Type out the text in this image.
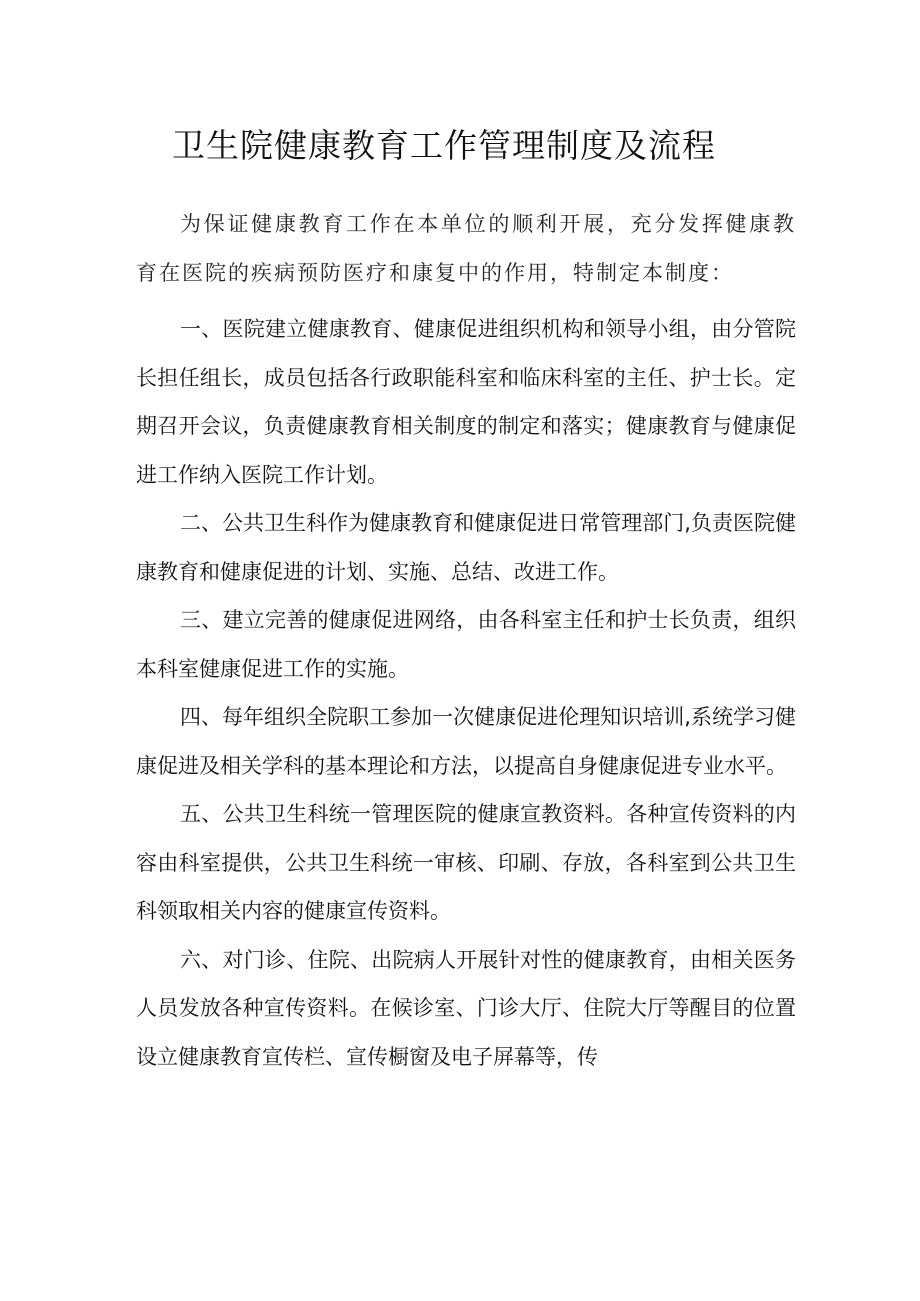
卫生院健康教育工作管理制度及流程

为保证健康教育工作在本单位的顺利开展，充分发挥健康教育在医院的疾病预防医疗和康复中的作用，特制定本制度：

一、医院建立健康教育、健康促进组织机构和领导小组，由分管院长担任组长，成员包括各行政职能科室和临床科室的主任、护士长。定期召开会议，负责健康教育相关制度的制定和落实；健康教育与健康促进工作纳入医院工作计划。

二、公共卫生科作为健康教育和健康促进日常管理部门,负责医院健康教育和健康促进的计划、实施、总结、改进工作。

三、建立完善的健康促进网络，由各科室主任和护士长负责，组织本科室健康促进工作的实施。

四、每年组织全院职工参加一次健康促进伦理知识培训,系统学习健康促进及相关学科的基本理论和方法，以提高自身健康促进专业水平。

五、公共卫生科统一管理医院的健康宣教资料。各种宣传资料的内容由科室提供，公共卫生科统一审核、印刷、存放，各科室到公共卫生科领取相关内容的健康宣传资料。

六、对门诊、住院、出院病人开展针对性的健康教育，由相关医务人员发放各种宣传资料。在候诊室、门诊大厅、住院大厅等醒目的位置设立健康教育宣传栏、宣传橱窗及电子屏幕等，传
